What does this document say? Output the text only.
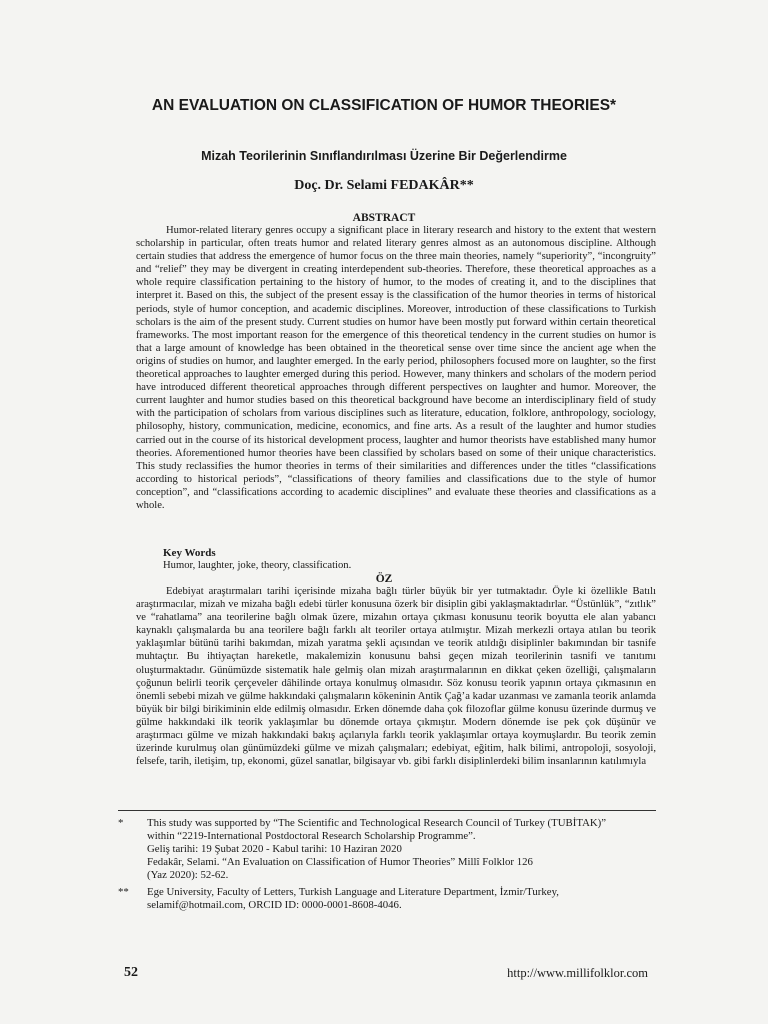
AN EVALUATION ON CLASSIFICATION OF HUMOR THEORIES*
Mizah Teorilerinin Sınıflandırılması Üzerine Bir Değerlendirme
Doç. Dr. Selami FEDAKÂR**
ABSTRACT

Humor-related literary genres occupy a significant place in literary research and history to the extent that western scholarship in particular, often treats humor and related literary genres almost as an autonomous discipline. Although certain studies that address the emergence of humor focus on the three main theories, namely “superiority”, “incongruity” and “relief” they may be divergent in creating interdependent sub-theories. Therefore, these theoretical approaches as a whole require classification pertaining to the history of humor, to the modes of creating it, and to the disciplines that interpret it. Based on this, the subject of the present essay is the classification of the humor theories in terms of historical periods, style of humor conception, and academic disciplines. Moreover, introduction of these classifications to Turkish scholars is the aim of the present study. Current studies on humor have been mostly put forward within certain theoretical frameworks. The most important reason for the emergence of this theoretical tendency in the current studies on humor is that a large amount of knowledge has been obtained in the theoretical sense over time since the ancient age when the origins of studies on humor, and laughter emerged. In the early period, philosophers focused more on laughter, so the first theoretical approaches to laughter emerged during this period. However, many thinkers and scholars of the modern period have introduced different theoretical approaches through different perspectives on laughter and humor. Moreover, the current laughter and humor studies based on this theoretical background have become an interdisciplinary field of study with the participation of scholars from various disciplines such as literature, education, folklore, anthropology, sociology, philosophy, history, communication, medicine, economics, and fine arts. As a result of the laughter and humor studies carried out in the course of its historical development process, laughter and humor theorists have established many humor theories. Aforementioned humor theories have been classified by scholars based on some of their unique characteristics. This study reclassifies the humor theories in terms of their similarities and differences under the titles “classifications according to historical periods”, “classifications of theory families and classifications due to the style of humor conception”, and “classifications according to academic disciplines” and evaluate these theories and classifications as a whole.

Key Words
Humor, laughter, joke, theory, classification.
ÖZ

Edebiyat araştırmaları tarihi içerisinde mizaha bağlı türler büyük bir yer tutmaktadır. Öyle ki özellikle Batılı araştırmacılar, mizah ve mizaha bağlı edebi türler konusuna özerk bir disiplin gibi yaklaşmaktadırlar. “Üstünlük”, “zıtlık” ve “rahatlama” ana teorilerine bağlı olmak üzere, mizahın ortaya çıkması konusunu teorik boyutta ele alan yabancı kaynaklı çalışmalarda bu ana teorilere bağlı farklı alt teoriler ortaya atılmıştır. Mizah merkezli ortaya atılan bu teorik yaklaşımlar bütünü tarihi bakımdan, mizah yaratma şekli açısından ve teorik atıldığı disiplinler bakımından bir tasnife muhtaçtır. Bu ihtiyaçtan hareketle, makalemizin konusunu bahsi geçen mizah teorilerinin tasnifi ve tanıtımı oluşturmaktadır. Günümüzde sistematik hale gelmiş olan mizah araştırmalarının en dikkat çeken özelliği, çalışmaların çoğunun belirli teorik çerçeveler dâhilinde ortaya konulmuş olmasıdır. Söz konusu teorik yapının ortaya çıkmasının en önemli sebebi mizah ve gülme hakkındaki çalışmaların kökeninin Antik Çağ’a kadar uzanması ve zamanla teorik anlamda büyük bir bilgi birikiminin elde edilmiş olmasıdır. Erken dönemde daha çok filozoflar gülme konusu üzerinde durmuş ve gülme hakkındaki ilk teorik yaklaşımlar bu dönemde ortaya çıkmıştır. Modern dönemde ise pek çok düşünür ve araştırmacı gülme ve mizah hakkındaki bakış açılarıyla farklı teorik yaklaşımlar ortaya koymuşlardır. Bu teorik zemin üzerinde kurulmuş olan günümüzdeki gülme ve mizah çalışmaları; edebiyat, eğitim, halk bilimi, antropoloji, sosyoloji, felsefe, tarih, iletişim, tıp, ekonomi, güzel sanatlar, bilgisayar vb. gibi farklı disiplinlerdeki bilim insanlarının katılımıyla

* This study was supported by “The Scientific and Technological Research Council of Turkey (TUBİTAK)”
within “2219-International Postdoctoral Research Scholarship Programme”.
Geliş tarihi: 19 Şubat 2020 - Kabul tarihi: 10 Haziran 2020
Fedakâr, Selami. “An Evaluation on Classification of Humor Theories” Millî Folklor 126
(Yaz 2020): 52-62.
** Ege University, Faculty of Letters, Turkish Language and Literature Department, İzmir/Turkey,
selamif@hotmail.com, ORCID ID: 0000-0001-8608-4046.
52	http://www.millifolklor.com
